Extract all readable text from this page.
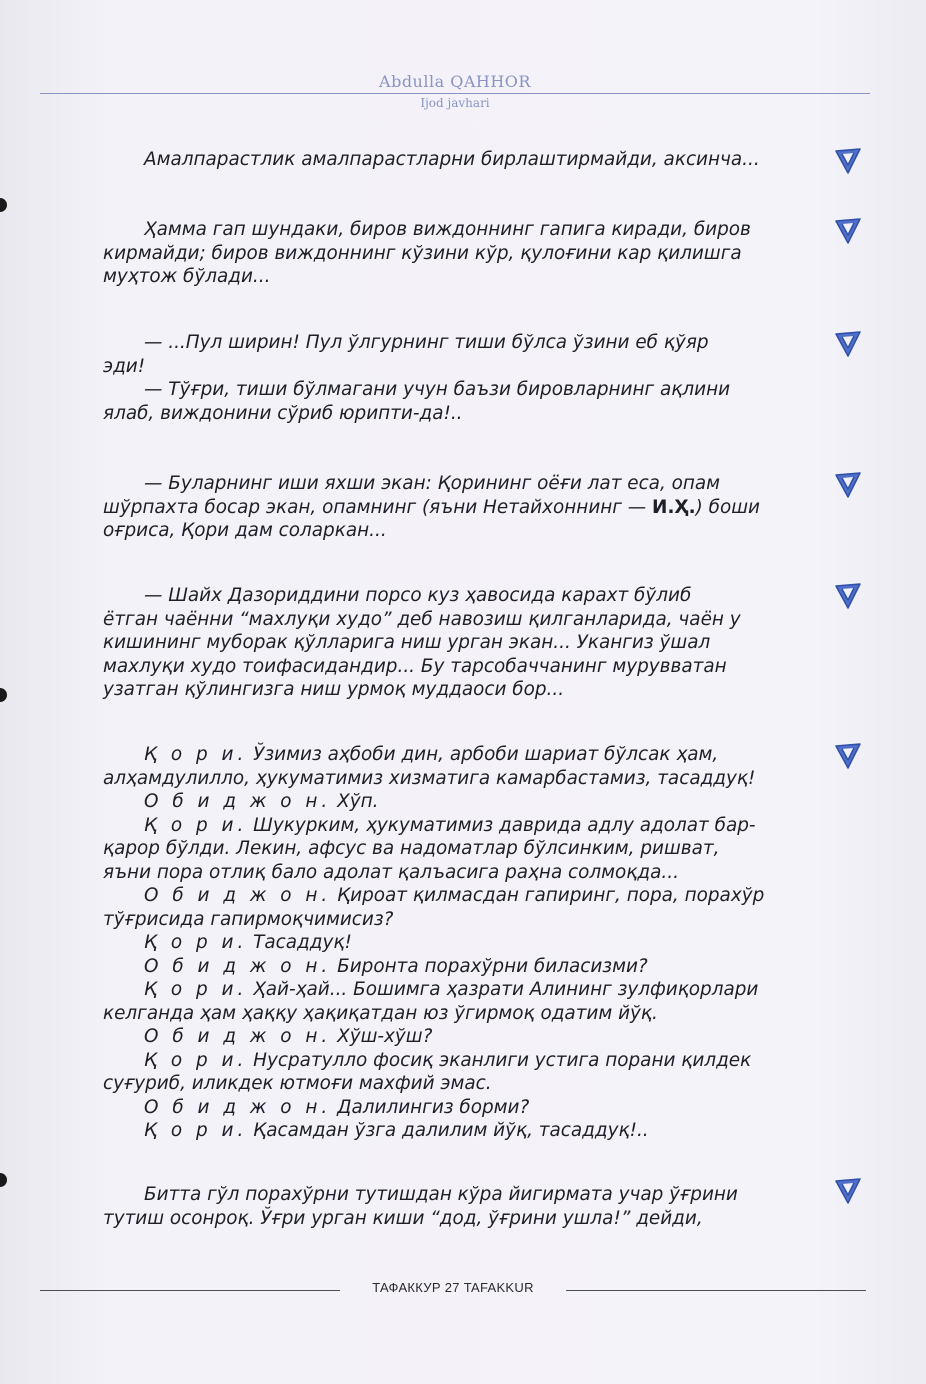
Abdulla QAHHOR
Ijod javhari
Амалпарастлик амалпарастларни бирлаштирмайди, аксинча...
Ҳамма гап шундаки, биров виждоннинг гапига киради, биров
кирмайди; биров виждоннинг кўзини кўр, қулоғини кар қилишга
муҳтож бўлади...
— ...Пул ширин! Пул ўлгурнинг тиши бўлса ўзини еб қўяр
эди!
— Тўғри, тиши бўлмагани учун баъзи бировларнинг ақлини
ялаб, виждонини сўриб юрипти-да!..
— Буларнинг иши яхши экан: Қорининг оёғи лат еса, опам
шўрпахта босар экан, опамнинг (яъни Нетайхоннинг — И.Ҳ.) боши
оғриса, Қори дам соларкан...
— Шайх Дазориддини порсо куз ҳавосида карахт бўлиб
ётган чаённи “махлуқи худо” деб навозиш қилганларида, чаён у
кишининг муборак қўлларига ниш урган экан... Укангиз ўшал
махлуқи худо тоифасидандир... Бу тарсобаччанинг мурувватан
узатган қўлингизга ниш урмоқ муддаоси бор...
Қ о р и. Ўзимиз аҳбоби дин, арбоби шариат бўлсак ҳам,
алҳамдулилло, ҳукуматимиз хизматига камарбастамиз, тасаддуқ!
О б и д ж о н. Хўп.
Қ о р и. Шукурким, ҳукуматимиз даврида адлу адолат бар-
қарор бўлди. Лекин, афсус ва надоматлар бўлсинким, ришват,
яъни пора отлиқ бало адолат қалъасига раҳна солмоқда...
О б и д ж о н. Қироат қилмасдан гапиринг, пора, порахўр
тўғрисида гапирмоқчимисиз?
Қ о р и. Тасаддуқ!
О б и д ж о н. Биронта порахўрни биласизми?
Қ о р и. Ҳай-ҳай... Бошимга ҳазрати Алининг зулфиқорлари
келганда ҳам ҳаққу ҳақиқатдан юз ўгирмоқ одатим йўқ.
О б и д ж о н. Хўш-хўш?
Қ о р и. Нусратулло фосиқ эканлиги устига порани қилдек
суғуриб, иликдек ютмоғи махфий эмас.
О б и д ж о н. Далилингиз борми?
Қ о р и. Қасамдан ўзга далилим йўқ, тасаддуқ!..
Битта гўл порахўрни тутишдан кўра йигирмата учар ўғрини
тутиш осонроқ. Ўғри урган киши “дод, ўғрини ушла!” дейди,
ТАФАККУР 27 TAFAKKUR
